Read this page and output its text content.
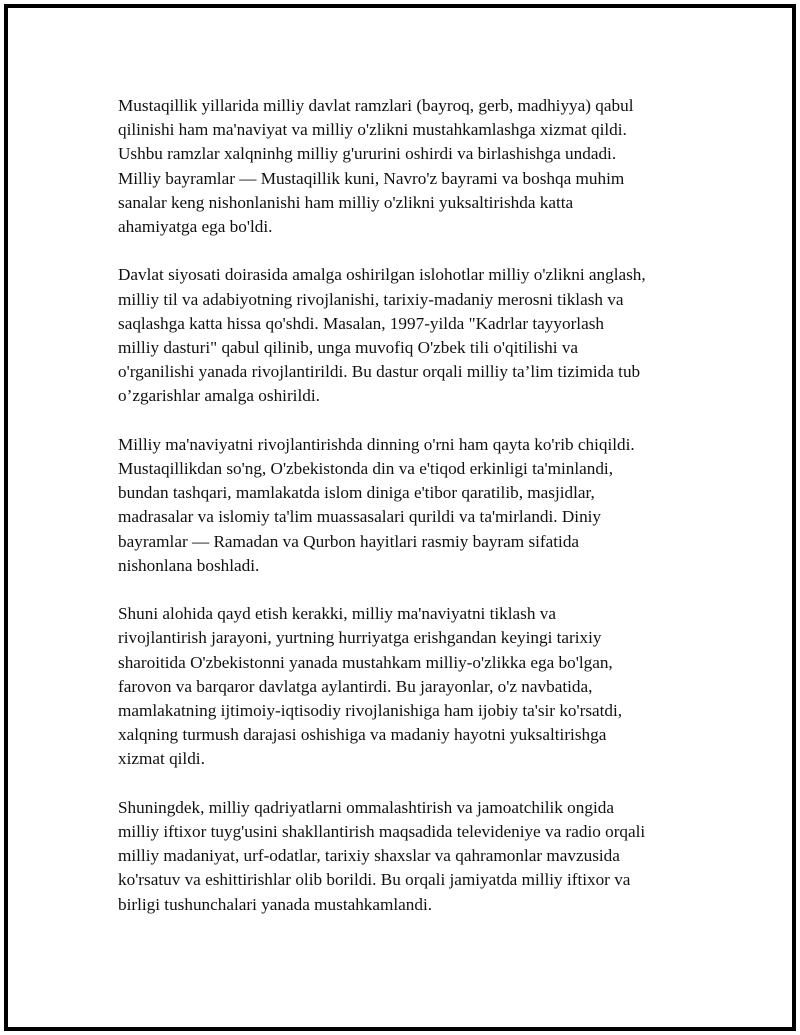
Mustaqillik yillarida milliy davlat ramzlari (bayroq, gerb, madhiyya) qabul
qilinishi ham ma'naviyat va milliy o'zlikni mustahkamlashga xizmat qildi.
Ushbu ramzlar xalqninhg milliy g'ururini oshirdi va birlashishga undadi.
Milliy bayramlar — Mustaqillik kuni, Navro'z bayrami va boshqa muhim
sanalar keng nishonlanishi ham milliy o'zlikni yuksaltirishda katta
ahamiyatga ega bo'ldi.

Davlat siyosati doirasida amalga oshirilgan islohotlar milliy o'zlikni anglash,
milliy til va adabiyotning rivojlanishi, tarixiy-madaniy merosni tiklash va
saqlashga katta hissa qo'shdi. Masalan, 1997-yilda "Kadrlar tayyorlash
milliy dasturi" qabul qilinib, unga muvofiq O'zbek tili o'qitilishi va
o'rganilishi yanada rivojlantirildi. Bu dastur orqali milliy ta’lim tizimida tub
o’zgarishlar amalga oshirildi.

Milliy ma'naviyatni rivojlantirishda dinning o'rni ham qayta ko'rib chiqildi.
Mustaqillikdan so'ng, O'zbekistonda din va e'tiqod erkinligi ta'minlandi,
bundan tashqari, mamlakatda islom diniga e'tibor qaratilib, masjidlar,
madrasalar va islomiy ta'lim muassasalari qurildi va ta'mirlandi. Diniy
bayramlar — Ramadan va Qurbon hayitlari rasmiy bayram sifatida
nishonlana boshladi.

Shuni alohida qayd etish kerakki, milliy ma'naviyatni tiklash va
rivojlantirish jarayoni, yurtning hurriyatga erishgandan keyingi tarixiy
sharoitida O'zbekistonni yanada mustahkam milliy-o'zlikka ega bo'lgan,
farovon va barqaror davlatga aylantirdi. Bu jarayonlar, o'z navbatida,
mamlakatning ijtimoiy-iqtisodiy rivojlanishiga ham ijobiy ta'sir ko'rsatdi,
xalqning turmush darajasi oshishiga va madaniy hayotni yuksaltirishga
xizmat qildi.

Shuningdek, milliy qadriyatlarni ommalashtirish va jamoatchilik ongida
milliy iftixor tuyg'usini shakllantirish maqsadida televideniye va radio orqali
milliy madaniyat, urf-odatlar, tarixiy shaxslar va qahramonlar mavzusida
ko'rsatuv va eshittirishlar olib borildi. Bu orqali jamiyatda milliy iftixor va
birligi tushunchalari yanada mustahkamlandi.
